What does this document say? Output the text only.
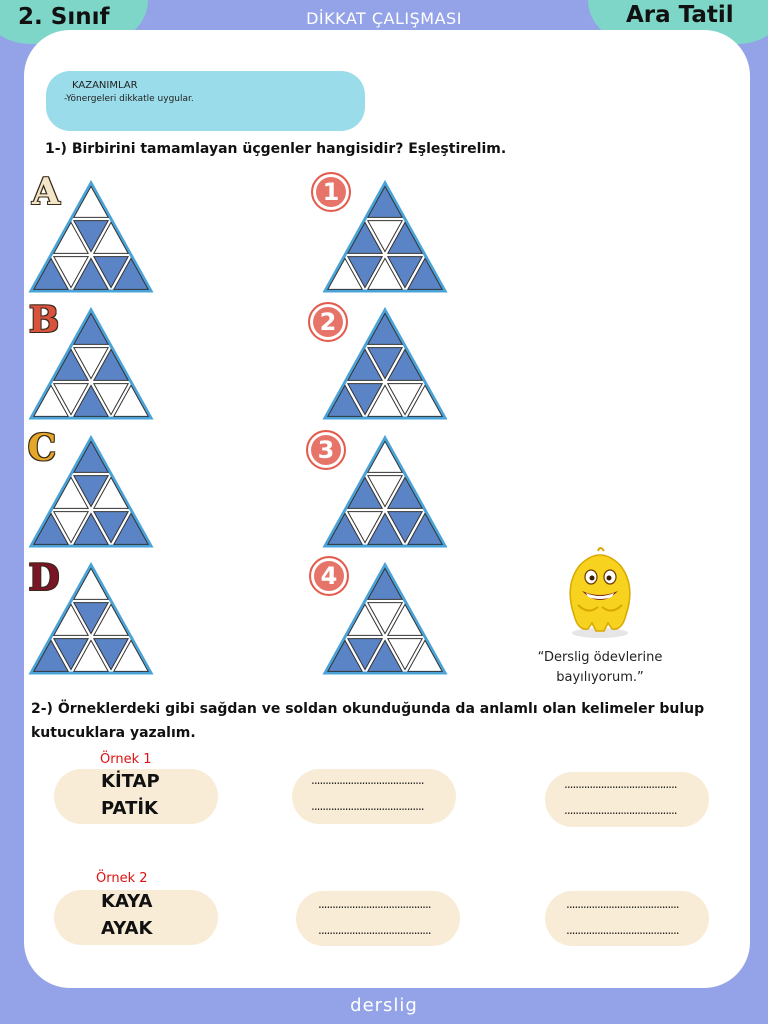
2. Sınıf	DİKKAT ÇALIŞMASI	Ara Tatil
KAZANIMLAR
-Yönergeleri dikkatle uygular.
1-) Birbirini tamamlayan üçgenler hangisidir? Eşleştirelim.
A
B
C
D
1
2
3
4
“Derslig ödevlerine bayılıyorum.”
2-) Örneklerdeki gibi sağdan ve soldan okunduğunda da anlamlı olan kelimeler bulup kutucuklara yazalım.
Örnek 1
KİTAP
PATİK
........................................
........................................
........................................
........................................
Örnek 2
KAYA
AYAK
........................................
........................................
........................................
........................................
derslig
